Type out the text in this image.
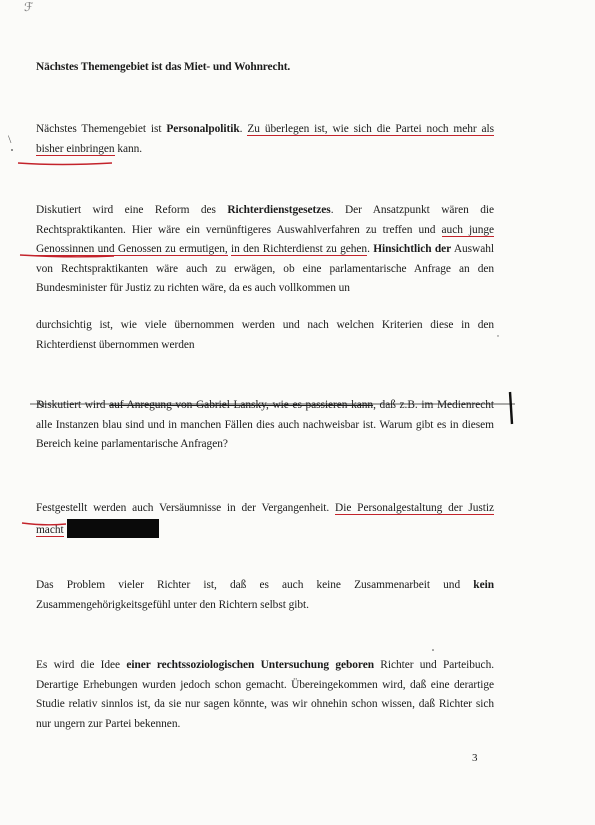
ℱ
\

Nächstes Themengebiet ist das Miet- und Wohnrecht.

Nächstes Themengebiet ist Personalpolitik. Zu überlegen ist, wie sich die Partei noch mehr als bisher einbringen kann.

Diskutiert wird eine Reform des Richterdienstgesetzes. Der Ansatzpunkt wären die Rechtspraktikanten. Hier wäre ein vernünftigeres Auswahlverfahren zu treffen und auch junge Genossinnen und Genossen zu ermutigen, in den Richterdienst zu gehen. Hinsichtlich der Auswahl von Rechtspraktikanten wäre auch zu erwägen, ob eine parlamentarische Anfrage an den Bundesminister für Justiz zu richten wäre, da es auch vollkommen un

durchsichtig ist, wie viele übernommen werden und nach welchen Kriterien diese in den Richterdienst übernommen werden

Diskutiert wird auf Anregung von Gabriel Lansky, wie es passieren kann, daß z.B. im Medienrecht alle Instanzen blau sind und in manchen Fällen dies auch nachweisbar ist. Warum gibt es in diesem Bereich keine parlamentarische Anfragen?

Festgestellt werden auch Versäumnisse in der Vergangenheit. Die Personalgestaltung der Justiz macht

Das Problem vieler Richter ist, daß es auch keine Zusammenarbeit und kein Zusammengehörigkeitsgefühl unter den Richtern selbst gibt.

Es wird die Idee einer rechtssoziologischen Untersuchung geboren Richter und Parteibuch. Derartige Erhebungen wurden jedoch schon gemacht. Übereingekommen wird, daß eine derartige Studie relativ sinnlos ist, da sie nur sagen könnte, was wir ohnehin schon wissen, daß Richter sich nur ungern zur Partei bekennen.

3
